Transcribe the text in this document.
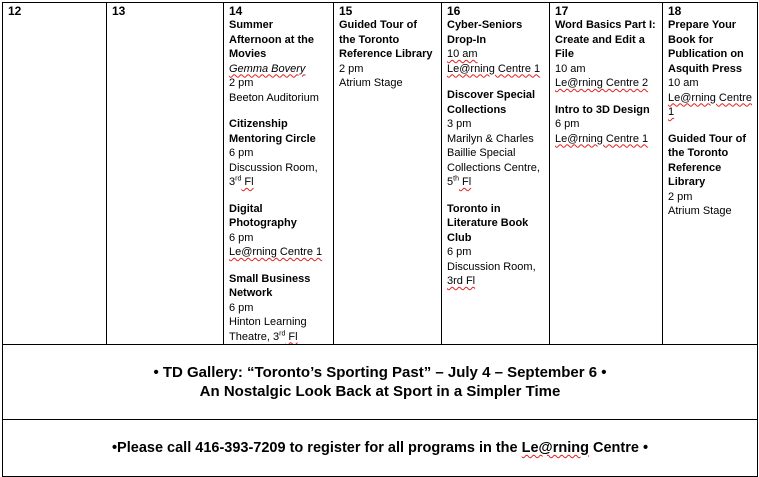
12	13	14
Summer Afternoon at the Movies
Gemma Bovery
2 pm
Beeton Auditorium
Citizenship Mentoring Circle
6 pm
Discussion Room,
3rd Fl
Digital Photography
6 pm
Le@rning Centre 1
Small Business Network
6 pm
Hinton Learning Theatre, 3rd Fl

15
Guided Tour of the Toronto Reference Library
2 pm
Atrium Stage

16
Cyber-Seniors Drop-In
10 am
Le@rning Centre 1
Discover Special Collections
3 pm
Marilyn & Charles Baillie Special Collections Centre,
5th Fl
Toronto in Literature Book Club
6 pm
Discussion Room,
3rd Fl

17
Word Basics Part I: Create and Edit a File
10 am
Le@rning Centre 2
Intro to 3D Design
6 pm
Le@rning Centre 1

18
Prepare Your Book for Publication on Asquith Press
10 am
Le@rning Centre 1
Guided Tour of the Toronto Reference Library
2 pm
Atrium Stage

• TD Gallery: “Toronto’s Sporting Past” – July 4 – September 6 •
An Nostalgic Look Back at Sport in a Simpler Time

•Please call 416-393-7209 to register for all programs in the Le@rning Centre •
